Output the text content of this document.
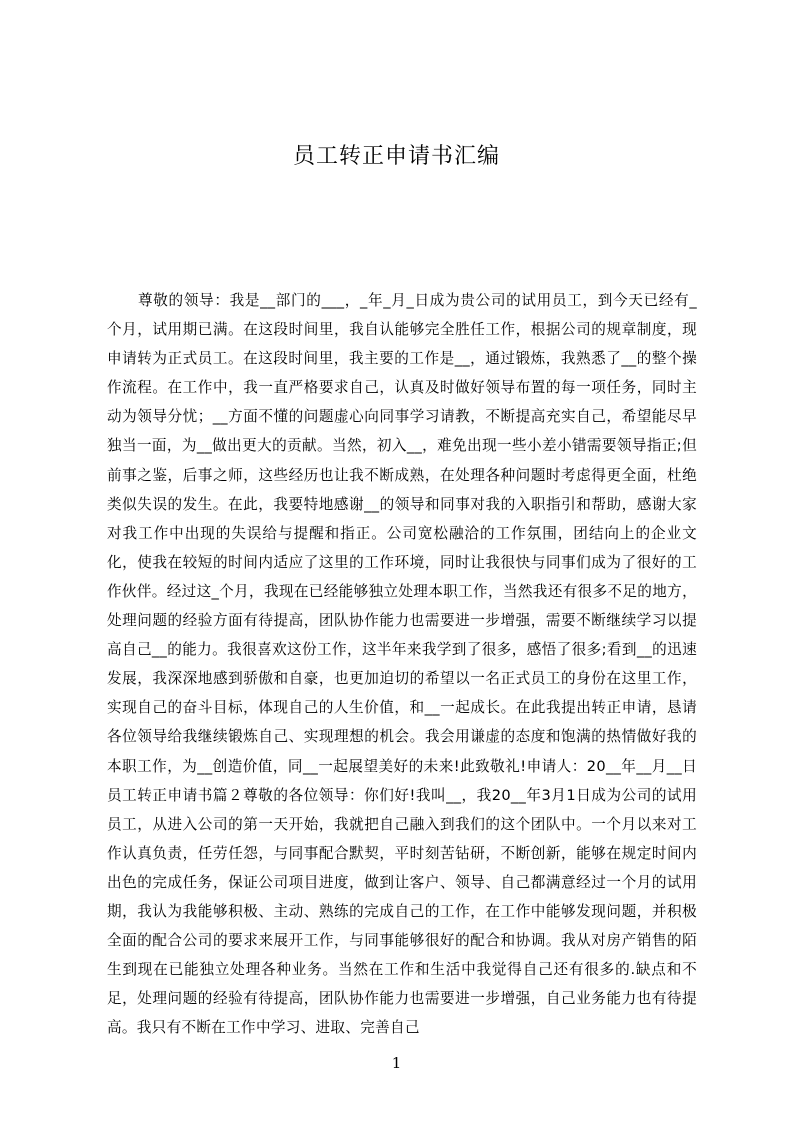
员工转正申请书汇编

尊敬的领导：我是__部门的___，_年_月_日成为贵公司的试用员工，到今天已经有_个月，试用期已满。在这段时间里，我自认能够完全胜任工作，根据公司的规章制度，现申请转为正式员工。在这段时间里，我主要的工作是__，通过锻炼，我熟悉了__的整个操作流程。在工作中，我一直严格要求自己，认真及时做好领导布置的每一项任务，同时主动为领导分忧；__方面不懂的问题虚心向同事学习请教，不断提高充实自己，希望能尽早独当一面，为__做出更大的贡献。当然，初入__，难免出现一些小差小错需要领导指正;但前事之鉴，后事之师，这些经历也让我不断成熟，在处理各种问题时考虑得更全面，杜绝类似失误的发生。在此，我要特地感谢__的领导和同事对我的入职指引和帮助，感谢大家对我工作中出现的失误给与提醒和指正。公司宽松融洽的工作氛围，团结向上的企业文化，使我在较短的时间内适应了这里的工作环境，同时让我很快与同事们成为了很好的工作伙伴。经过这_个月，我现在已经能够独立处理本职工作，当然我还有很多不足的地方，处理问题的经验方面有待提高，团队协作能力也需要进一步增强，需要不断继续学习以提高自己__的能力。我很喜欢这份工作，这半年来我学到了很多，感悟了很多;看到__的迅速发展，我深深地感到骄傲和自豪，也更加迫切的希望以一名正式员工的身份在这里工作，实现自己的奋斗目标，体现自己的人生价值，和__一起成长。在此我提出转正申请，恳请各位领导给我继续锻炼自己、实现理想的机会。我会用谦虚的态度和饱满的热情做好我的本职工作，为__创造价值，同__一起展望美好的未来!此致敬礼!申请人：20__年__月__日员工转正申请书篇２尊敬的各位领导：你们好!我叫__，我20__年3月1日成为公司的试用员工，从进入公司的第一天开始，我就把自己融入到我们的这个团队中。一个月以来对工作认真负责，任劳任怨，与同事配合默契，平时刻苦钻研，不断创新，能够在规定时间内出色的完成任务，保证公司项目进度，做到让客户、领导、自己都满意经过一个月的试用期，我认为我能够积极、主动、熟练的完成自己的工作，在工作中能够发现问题，并积极全面的配合公司的要求来展开工作，与同事能够很好的配合和协调。我从对房产销售的陌生到现在已能独立处理各种业务。当然在工作和生活中我觉得自己还有很多的.缺点和不足，处理问题的经验有待提高，团队协作能力也需要进一步增强，自己业务能力也有待提高。我只有不断在工作中学习、进取、完善自己

1
